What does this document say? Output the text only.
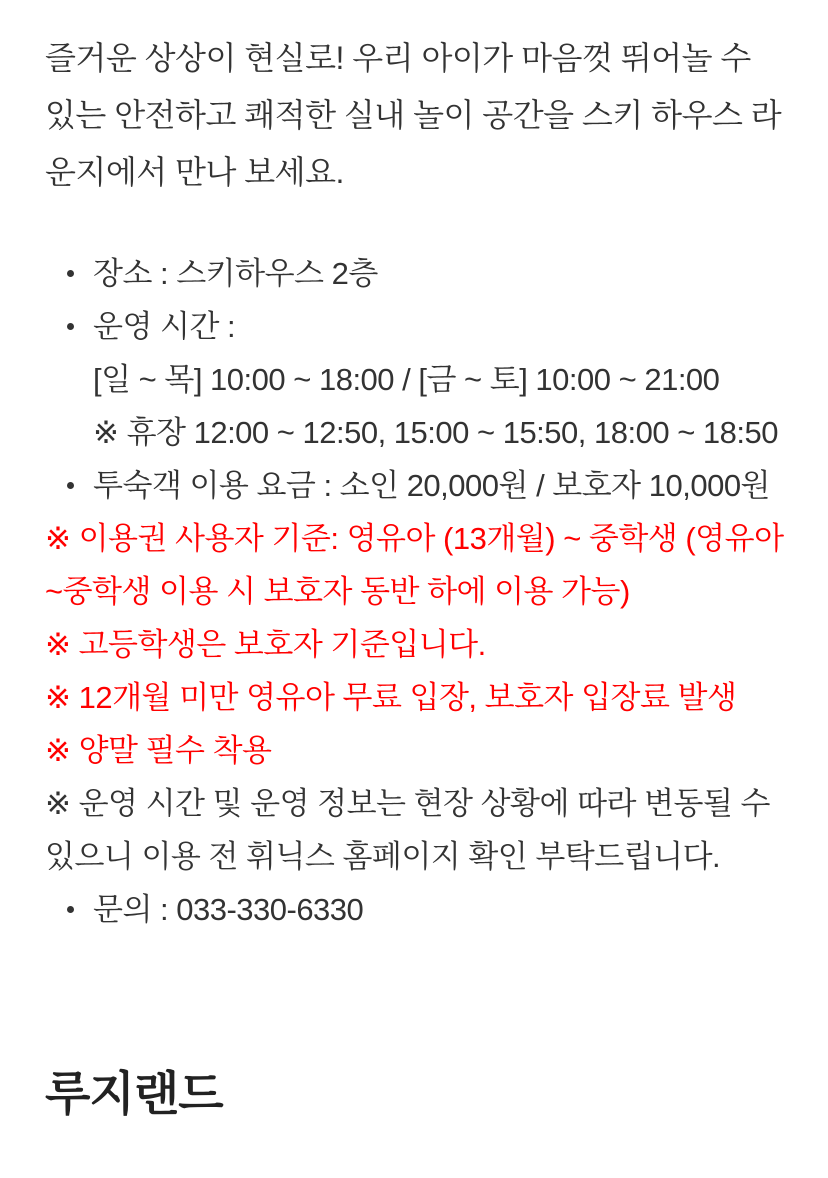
즐거운 상상이 현실로! 우리 아이가 마음껏 뛰어놀 수 있는 안전하고 쾌적한 실내 놀이 공간을 스키 하우스 라운지에서 만나 보세요.

장소 : 스키하우스 2층
운영 시간 :
[일 ~ 목] 10:00 ~ 18:00 / [금 ~ 토] 10:00 ~ 21:00
※ 휴장 12:00 ~ 12:50, 15:00 ~ 15:50, 18:00 ~ 18:50
투숙객 이용 요금 : 소인 20,000원 / 보호자 10,000원

※ 이용권 사용자 기준: 영유아 (13개월) ~ 중학생 (영유아~중학생 이용 시 보호자 동반 하에 이용 가능)

※ 고등학생은 보호자 기준입니다.

※ 12개월 미만 영유아 무료 입장, 보호자 입장료 발생

※ 양말 필수 착용

※ 운영 시간 및 운영 정보는 현장 상황에 따라 변동될 수 있으니 이용 전 휘닉스 홈페이지 확인 부탁드립니다.

문의 : 033-330-6330
루지랜드
